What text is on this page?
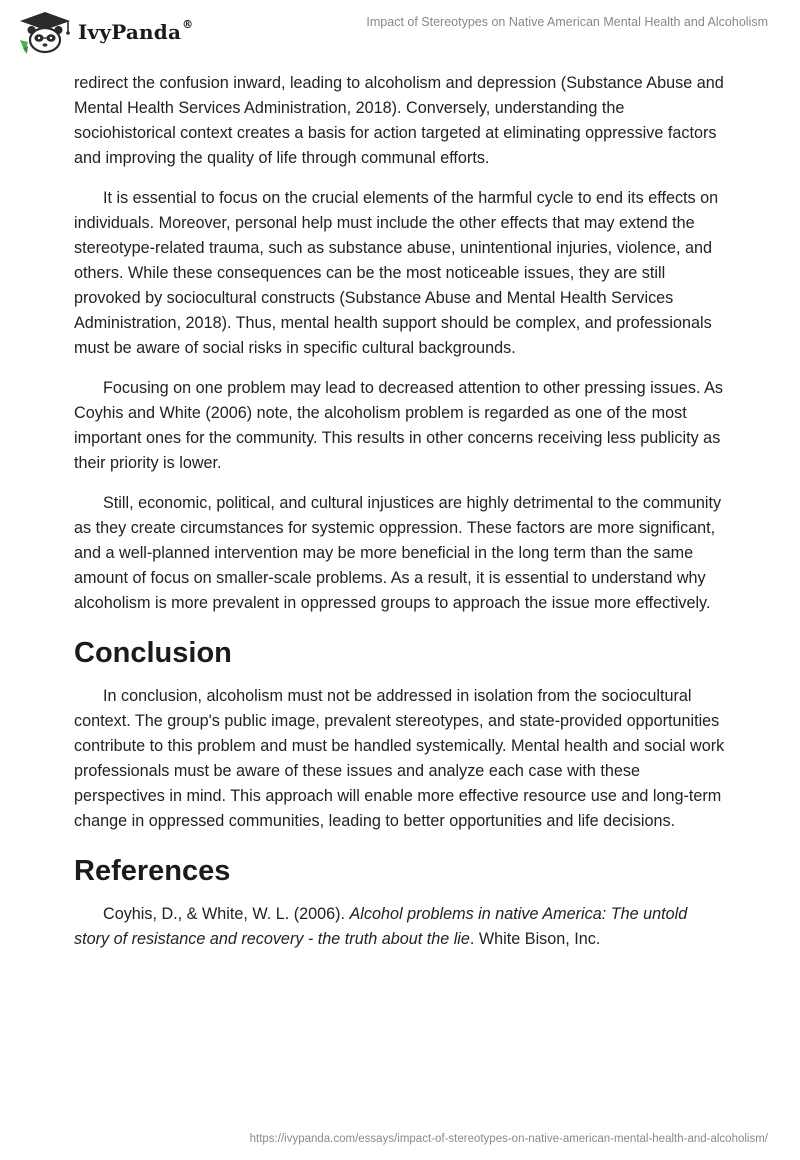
IvyPanda®	Impact of Stereotypes on Native American Mental Health and Alcoholism

redirect the confusion inward, leading to alcoholism and depression (Substance Abuse and Mental Health Services Administration, 2018). Conversely, understanding the sociohistorical context creates a basis for action targeted at eliminating oppressive factors and improving the quality of life through communal efforts.

It is essential to focus on the crucial elements of the harmful cycle to end its effects on individuals. Moreover, personal help must include the other effects that may extend the stereotype-related trauma, such as substance abuse, unintentional injuries, violence, and others. While these consequences can be the most noticeable issues, they are still provoked by sociocultural constructs (Substance Abuse and Mental Health Services Administration, 2018). Thus, mental health support should be complex, and professionals must be aware of social risks in specific cultural backgrounds.

Focusing on one problem may lead to decreased attention to other pressing issues. As Coyhis and White (2006) note, the alcoholism problem is regarded as one of the most important ones for the community. This results in other concerns receiving less publicity as their priority is lower.

Still, economic, political, and cultural injustices are highly detrimental to the community as they create circumstances for systemic oppression. These factors are more significant, and a well-planned intervention may be more beneficial in the long term than the same amount of focus on smaller-scale problems. As a result, it is essential to understand why alcoholism is more prevalent in oppressed groups to approach the issue more effectively.

Conclusion

In conclusion, alcoholism must not be addressed in isolation from the sociocultural context. The group's public image, prevalent stereotypes, and state-provided opportunities contribute to this problem and must be handled systemically. Mental health and social work professionals must be aware of these issues and analyze each case with these perspectives in mind. This approach will enable more effective resource use and long-term change in oppressed communities, leading to better opportunities and life decisions.

References

Coyhis, D., & White, W. L. (2006). Alcohol problems in native America: The untold story of resistance and recovery - the truth about the lie. White Bison, Inc.

https://ivypanda.com/essays/impact-of-stereotypes-on-native-american-mental-health-and-alcoholism/
